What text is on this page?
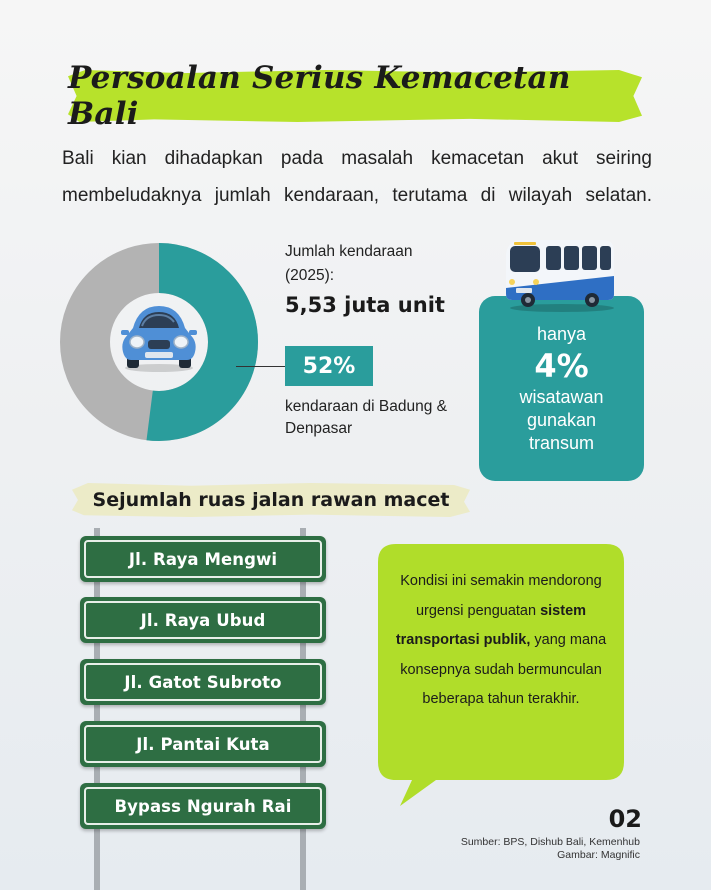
Persoalan Serius Kemacetan Bali

Bali kian dihadapkan pada masalah kemacetan akut seiring membeludaknya jumlah kendaraan, terutama di wilayah selatan.

Jumlah kendaraan (2025):
5,53 juta unit
52%
kendaraan di Badung & Denpasar
hanya
4%
wisatawan
gunakan
transum
Sejumlah ruas jalan rawan macet
Jl. Raya Mengwi
Jl. Raya Ubud
Jl. Gatot Subroto
Jl. Pantai Kuta
Bypass Ngurah Rai

Kondisi ini semakin mendorong urgensi penguatan sistem transportasi publik, yang mana konsepnya sudah bermunculan beberapa tahun terakhir.

02
Sumber: BPS, Dishub Bali, Kemenhub
Gambar: Magnific
